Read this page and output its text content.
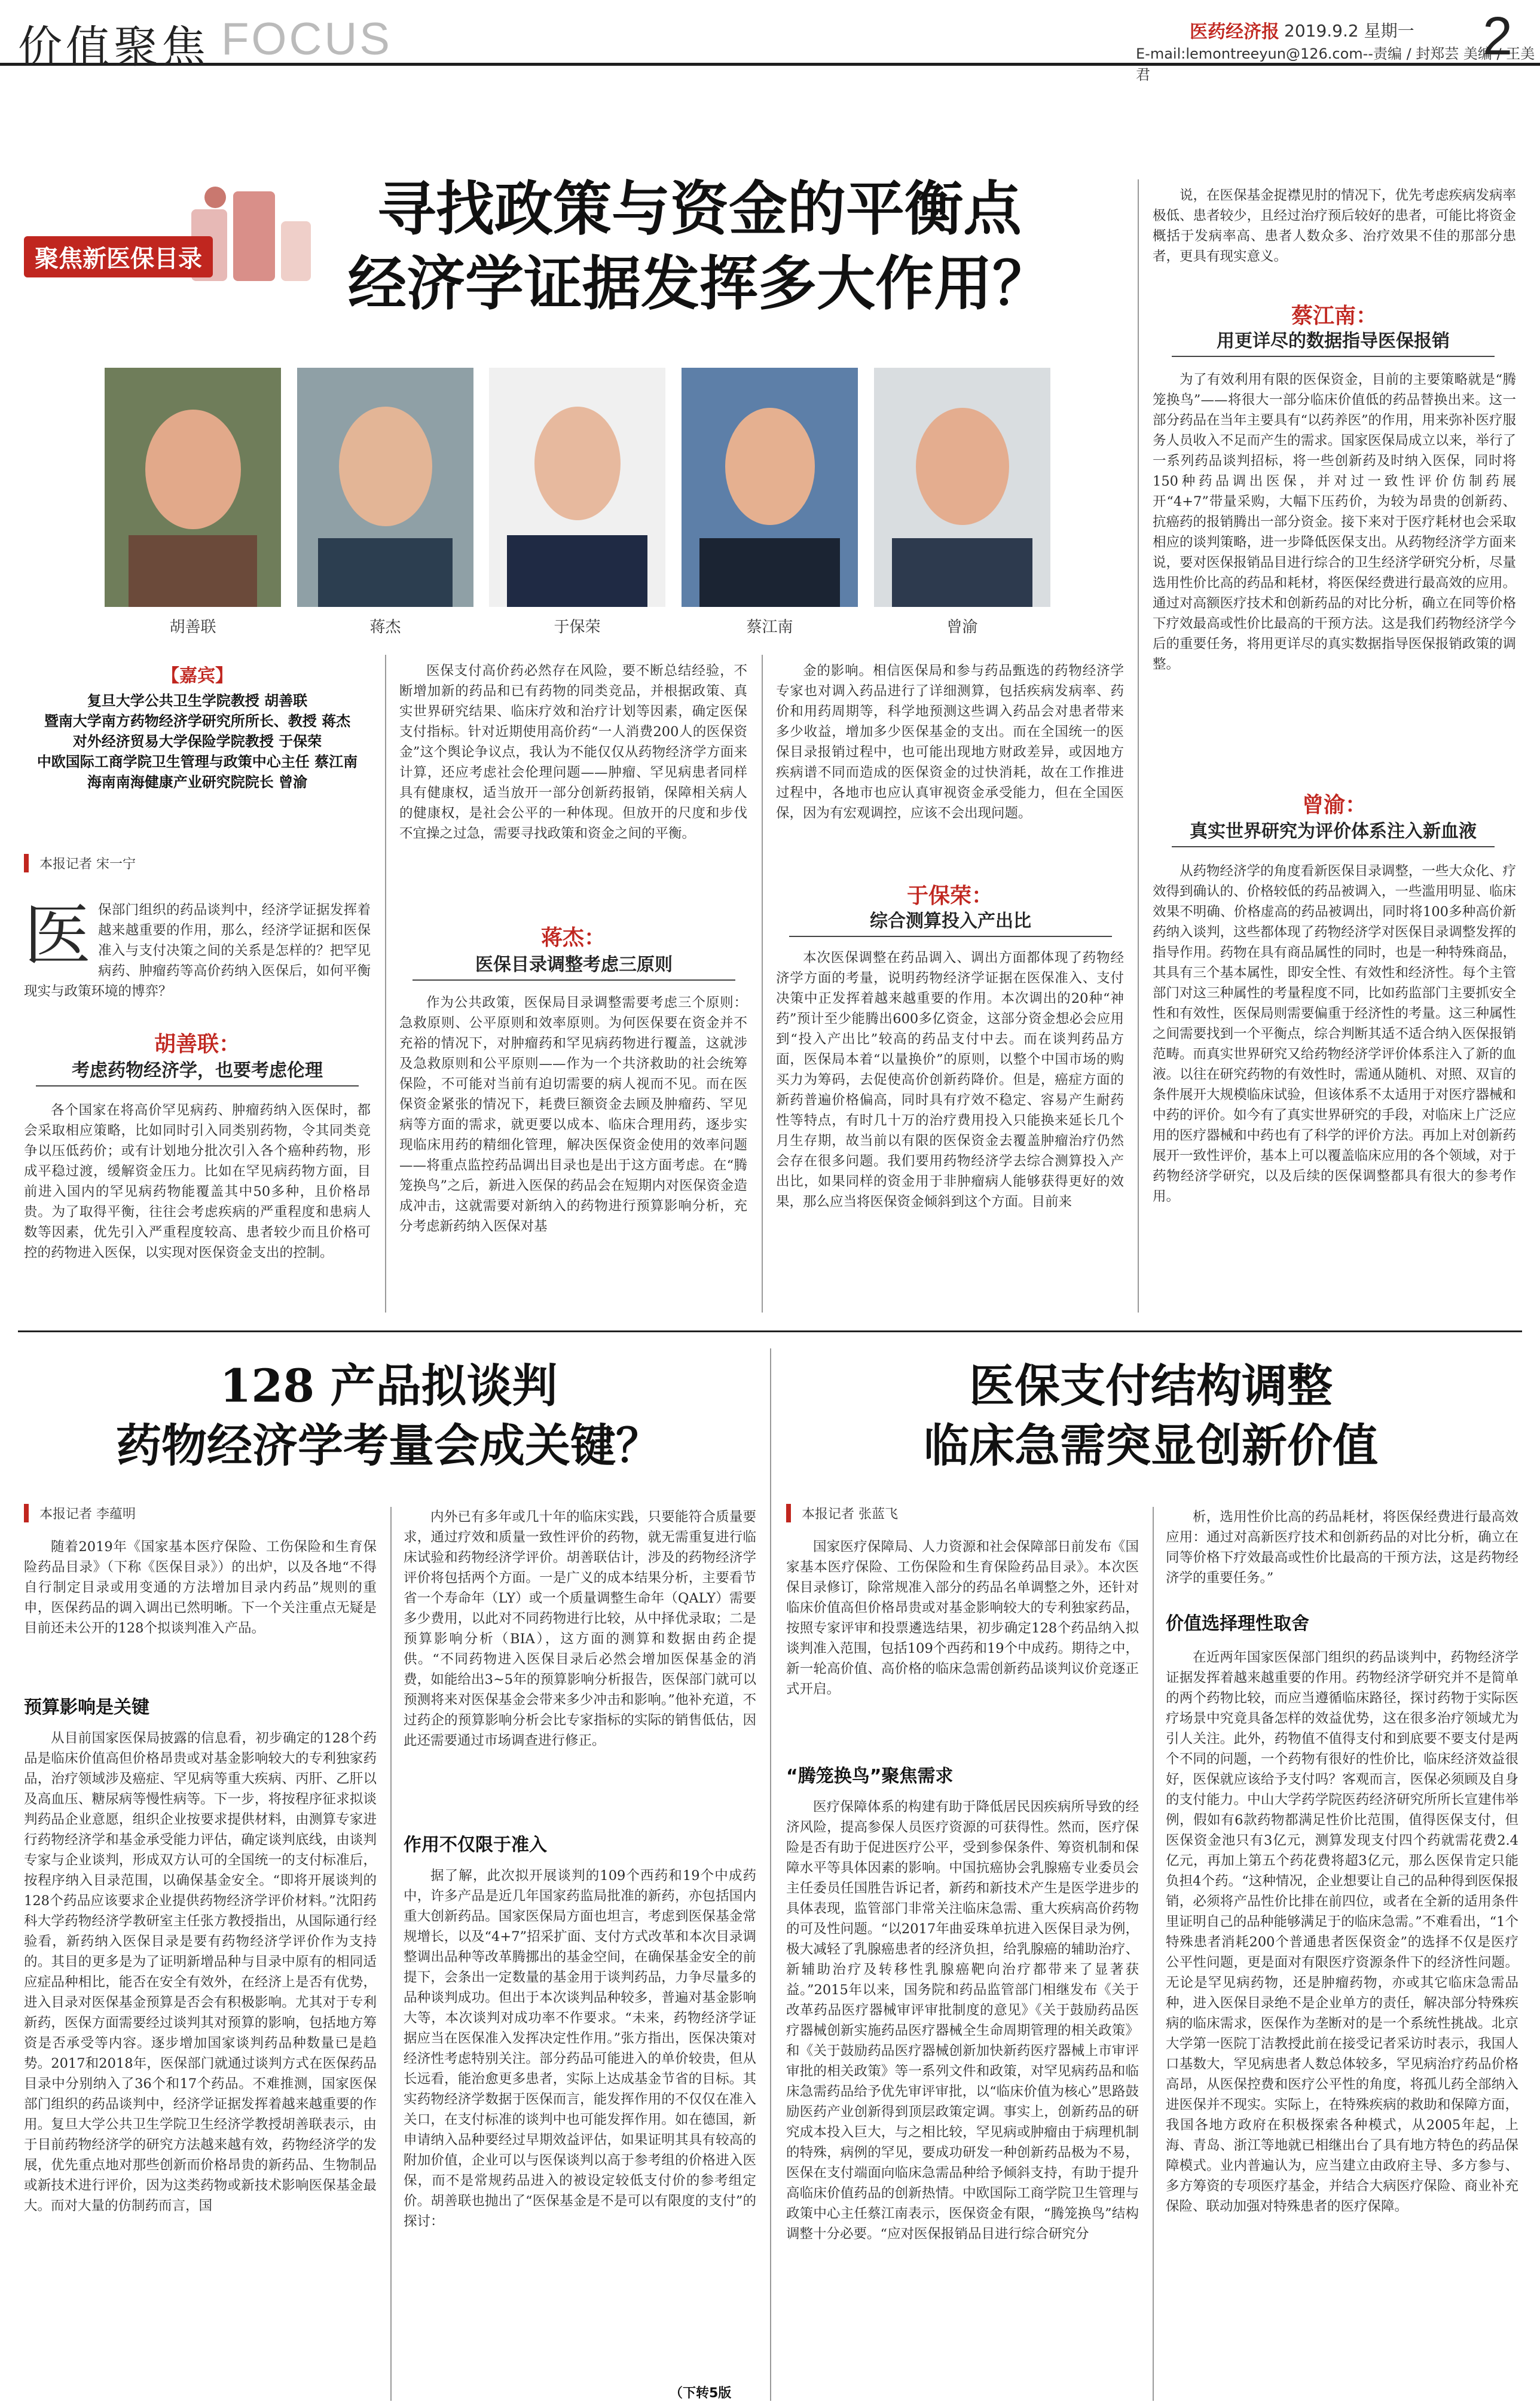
价值聚焦 FOCUS	医药经济报 2019.9.2 星期一
E-mail:lemontreeyun@126.com--责编 / 封郑芸 美编 / 王美君
2
聚焦新医保目录
寻找政策与资金的平衡点
经济学证据发挥多大作用？
胡善联	蒋杰	于保荣	蔡江南	曾渝
【嘉宾】
复旦大学公共卫生学院教授 胡善联
暨南大学南方药物经济学研究所所长、教授 蒋杰
对外经济贸易大学保险学院教授 于保荣
中欧国际工商学院卫生管理与政策中心主任 蔡江南
海南南海健康产业研究院院长 曾渝
本报记者 宋一宁
医 保部门组织的药品谈判中，经济学证据发挥着越来越重要的作用，那么，经济学证据和医保准入与支付决策之间的关系是怎样的？把罕见病药、肿瘤药等高价药纳入医保后，如何平衡现实与政策环境的博弈？
胡善联：
考虑药物经济学，也要考虑伦理

各个国家在将高价罕见病药、肿瘤药纳入医保时，都会采取相应策略，比如同时引入同类别药物，令其同类竞争以压低药价；或有计划地分批次引入各个癌种药物，形成平稳过渡，缓解资金压力。比如在罕见病药物方面，目前进入国内的罕见病药物能覆盖其中50多种，且价格昂贵。为了取得平衡，往往会考虑疾病的严重程度和患病人数等因素，优先引入严重程度较高、患者较少而且价格可控的药物进入医保，以实现对医保资金支出的控制。

医保支付高价药必然存在风险，要不断总结经验，不断增加新的药品和已有药物的同类竞品，并根据政策、真实世界研究结果、临床疗效和治疗计划等因素，确定医保支付指标。针对近期使用高价药“一人消费200人的医保资金”这个舆论争议点，我认为不能仅仅从药物经济学方面来计算，还应考虑社会伦理问题——肿瘤、罕见病患者同样具有健康权，适当放开一部分创新药报销，保障相关病人的健康权，是社会公平的一种体现。但放开的尺度和步伐不宜操之过急，需要寻找政策和资金之间的平衡。

蒋杰：
医保目录调整考虑三原则

作为公共政策，医保局目录调整需要考虑三个原则：急救原则、公平原则和效率原则。为何医保要在资金并不充裕的情况下，对肿瘤药和罕见病药物进行覆盖，这就涉及急救原则和公平原则——作为一个共济救助的社会统筹保险，不可能对当前有迫切需要的病人视而不见。而在医保资金紧张的情况下，耗费巨额资金去顾及肿瘤药、罕见病等方面的需求，就更要以成本、临床合理用药，逐步实现临床用药的精细化管理，解决医保资金使用的效率问题——将重点监控药品调出目录也是出于这方面考虑。在“腾笼换鸟”之后，新进入医保的药品会在短期内对医保资金造成冲击，这就需要对新纳入的药物进行预算影响分析，充分考虑新药纳入医保对基

金的影响。相信医保局和参与药品甄选的药物经济学专家也对调入药品进行了详细测算，包括疾病发病率、药价和用药周期等，科学地预测这些调入药品会对患者带来多少收益，增加多少医保基金的支出。而在全国统一的医保目录报销过程中，也可能出现地方财政差异，或因地方疾病谱不同而造成的医保资金的过快消耗，故在工作推进过程中，各地市也应认真审视资金承受能力，但在全国医保，因为有宏观调控，应该不会出现问题。

于保荣：
综合测算投入产出比

本次医保调整在药品调入、调出方面都体现了药物经济学方面的考量，说明药物经济学证据在医保准入、支付决策中正发挥着越来越重要的作用。本次调出的20种“神药”预计至少能腾出600多亿资金，这部分资金想必会应用到“投入产出比”较高的药品支付中去。而在谈判药品方面，医保局本着“以量换价”的原则，以整个中国市场的购买力为筹码，去促使高价创新药降价。但是，癌症方面的新药普遍价格偏高，同时具有疗效不稳定、容易产生耐药性等特点，有时几十万的治疗费用投入只能换来延长几个月生存期，故当前以有限的医保资金去覆盖肿瘤治疗仍然会存在很多问题。我们要用药物经济学去综合测算投入产出比，如果同样的资金用于非肿瘤病人能够获得更好的效果，那么应当将医保资金倾斜到这个方面。目前来

说，在医保基金捉襟见肘的情况下，优先考虑疾病发病率极低、患者较少，且经过治疗预后较好的患者，可能比将资金概括于发病率高、患者人数众多、治疗效果不佳的那部分患者，更具有现实意义。

蔡江南：
用更详尽的数据指导医保报销

为了有效利用有限的医保资金，目前的主要策略就是“腾笼换鸟”——将很大一部分临床价值低的药品替换出来。这一部分药品在当年主要具有“以药养医”的作用，用来弥补医疗服务人员收入不足而产生的需求。国家医保局成立以来，举行了一系列药品谈判招标，将一些创新药及时纳入医保，同时将150种药品调出医保，并对过一致性评价仿制药展开“4+7”带量采购，大幅下压药价，为较为昂贵的创新药、抗癌药的报销腾出一部分资金。接下来对于医疗耗材也会采取相应的谈判策略，进一步降低医保支出。从药物经济学方面来说，要对医保报销品目进行综合的卫生经济学研究分析，尽量选用性价比高的药品和耗材，将医保经费进行最高效的应用。通过对高额医疗技术和创新药品的对比分析，确立在同等价格下疗效最高或性价比最高的干预方法。这是我们药物经济学今后的重要任务，将用更详尽的真实数据指导医保报销政策的调整。

曾渝：
真实世界研究为评价体系注入新血液

从药物经济学的角度看新医保目录调整，一些大众化、疗效得到确认的、价格较低的药品被调入，一些滥用明显、临床效果不明确、价格虚高的药品被调出，同时将100多种高价新药纳入谈判，这些都体现了药物经济学对医保目录调整发挥的指导作用。药物在具有商品属性的同时，也是一种特殊商品，其具有三个基本属性，即安全性、有效性和经济性。每个主管部门对这三种属性的考量程度不同，比如药监部门主要抓安全性和有效性，医保局则需要偏重于经济性的考量。这三种属性之间需要找到一个平衡点，综合判断其适不适合纳入医保报销范畴。而真实世界研究又给药物经济学评价体系注入了新的血液。以往在研究药物的有效性时，需通从随机、对照、双盲的条件展开大规模临床试验，但该体系不太适用于对医疗器械和中药的评价。如今有了真实世界研究的手段，对临床上广泛应用的医疗器械和中药也有了科学的评价方法。再加上对创新药展开一致性评价，基本上可以覆盖临床应用的各个领域，对于药物经济学研究，以及后续的医保调整都具有很大的参考作用。

128 产品拟谈判
药物经济学考量会成关键？
本报记者 李蕴明

随着2019年《国家基本医疗保险、工伤保险和生育保险药品目录》（下称《医保目录》）的出炉，以及各地“不得自行制定目录或用变通的方法增加目录内药品”规则的重申，医保药品的调入调出已然明晰。下一个关注重点无疑是目前还未公开的128个拟谈判准入产品。

预算影响是关键

从目前国家医保局披露的信息看，初步确定的128个药品是临床价值高但价格昂贵或对基金影响较大的专利独家药品，治疗领域涉及癌症、罕见病等重大疾病、丙肝、乙肝以及高血压、糖尿病等慢性病等。下一步，将按程序征求拟谈判药品企业意愿，组织企业按要求提供材料，由测算专家进行药物经济学和基金承受能力评估，确定谈判底线，由谈判专家与企业谈判，形成双方认可的全国统一的支付标准后，按程序纳入目录范围，以确保基金安全。“即将开展谈判的128个药品应该要求企业提供药物经济学评价材料。”沈阳药科大学药物经济学教研室主任张方教授指出，从国际通行经验看，新药纳入医保目录是要有药物经济学评价作为支持的。其目的更多是为了证明新增品种与目录中原有的相同适应症品种相比，能否在安全有效外，在经济上是否有优势，进入目录对医保基金预算是否会有积极影响。尤其对于专利新药，医保方面需要经过谈判其对预算的影响，包括地方筹资是否承受等内容。逐步增加国家谈判药品种数量已是趋势。2017和2018年，医保部门就通过谈判方式在医保药品目录中分别纳入了36个和17个药品。不难推测，国家医保部门组织的药品谈判中，经济学证据发挥着越来越重要的作用。复旦大学公共卫生学院卫生经济学教授胡善联表示，由于目前药物经济学的研究方法越来越有效，药物经济学的发展，优先重点地对那些创新而价格昂贵的新药品、生物制品或新技术进行评价，因为这类药物或新技术影响医保基金最大。而对大量的仿制药而言，国

内外已有多年或几十年的临床实践，只要能符合质量要求，通过疗效和质量一致性评价的药物，就无需重复进行临床试验和药物经济学评价。胡善联估计，涉及的药物经济学评价将包括两个方面。一是广义的成本结果分析，主要看节省一个寿命年（LY）或一个质量调整生命年（QALY）需要多少费用，以此对不同药物进行比较，从中择优录取；二是预算影响分析（BIA），这方面的测算和数据由药企提供。“不同药物进入医保目录后必然会增加医保基金的消费，如能给出3~5年的预算影响分析报告，医保部门就可以预测将来对医保基金会带来多少冲击和影响。”他补充道，不过药企的预算影响分析会比专家指标的实际的销售低估，因此还需要通过市场调查进行修正。

作用不仅限于准入

据了解，此次拟开展谈判的109个西药和19个中成药中，许多产品是近几年国家药监局批准的新药，亦包括国内重大创新药品。国家医保局方面也坦言，考虑到医保基金常规增长，以及“4+7”招采扩面、支付方式改革和本次目录调整调出品种等改革腾挪出的基金空间，在确保基金安全的前提下，会条出一定数量的基金用于谈判药品，力争尽量多的品种谈判成功。但出于本次谈判品种较多，普遍对基金影响大等，本次谈判对成功率不作要求。“未来，药物经济学证据应当在医保准入发挥决定性作用。”张方指出，医保决策对经济性考虑特别关注。部分药品可能进入的单价较贵，但从长远看，能治愈更多患者，实际上达成基金节省的目标。其实药物经济学数据于医保而言，能发挥作用的不仅仅在准入关口，在支付标准的谈判中也可能发挥作用。如在德国，新申请纳入品种要经过早期效益评估，如果证明其具有较高的附加价值，企业可以与医保谈判以高于参考组的价格进入医保，而不是常规药品进入的被设定较低支付价的参考组定价。胡善联也抛出了“医保基金是不是可以有限度的支付”的探讨：

（下转5版
医保支付结构调整
临床急需突显创新价值
本报记者 张蓝飞

国家医疗保障局、人力资源和社会保障部日前发布《国家基本医疗保险、工伤保险和生育保险药品目录》。本次医保目录修订，除常规准入部分的药品名单调整之外，还针对临床价值高但价格昂贵或对基金影响较大的专利独家药品，按照专家评审和投票遴选结果，初步确定128个药品纳入拟谈判准入范围，包括109个西药和19个中成药。期待之中，新一轮高价值、高价格的临床急需创新药品谈判议价竞逐正式开启。

“腾笼换鸟”聚焦需求

医疗保障体系的构建有助于降低居民因疾病所导致的经济风险，提高参保人员医疗资源的可获得性。然而，医疗保险是否有助于促进医疗公平，受到参保条件、筹资机制和保障水平等具体因素的影响。中国抗癌协会乳腺癌专业委员会主任委员任国胜告诉记者，新药和新技术产生是医学进步的具体表现，监管部门非常关注临床急需、重大疾病高价药物的可及性问题。“以2017年曲妥珠单抗进入医保目录为例，极大减轻了乳腺癌患者的经济负担，给乳腺癌的辅助治疗、新辅助治疗及转移性乳腺癌靶向治疗都带来了显著获益。”2015年以来，国务院和药品监管部门相继发布《关于改革药品医疗器械审评审批制度的意见》《关于鼓励药品医疗器械创新实施药品医疗器械全生命周期管理的相关政策》和《关于鼓励药品医疗器械创新加快新药医疗器械上市审评审批的相关政策》等一系列文件和政策，对罕见病药品和临床急需药品给予优先审评审批，以“临床价值为核心”思路鼓励医药产业创新得到顶层政策定调。事实上，创新药品的研究成本投入巨大，与之相比较，罕见病或肿瘤由于病理机制的特殊，病例的罕见，要成功研发一种创新药品极为不易，医保在支付端面向临床急需品种给予倾斜支持，有助于提升高临床价值药品的创新热情。中欧国际工商学院卫生管理与政策中心主任蔡江南表示，医保资金有限，“腾笼换鸟”结构调整十分必要。“应对医保报销品目进行综合研究分

析，选用性价比高的药品耗材，将医保经费进行最高效应用：通过对高新医疗技术和创新药品的对比分析，确立在同等价格下疗效最高或性价比最高的干预方法，这是药物经济学的重要任务。”

价值选择理性取舍

在近两年国家医保部门组织的药品谈判中，药物经济学证据发挥着越来越重要的作用。药物经济学研究并不是简单的两个药物比较，而应当遵循临床路径，探讨药物于实际医疗场景中究竟具备怎样的效益优势，这在很多治疗领域尤为引人关注。此外，药物值不值得支付和到底要不要支付是两个不同的问题，一个药物有很好的性价比，临床经济效益很好，医保就应该给予支付吗？客观而言，医保必须顾及自身的支付能力。中山大学药学院医药经济研究所所长宣建伟举例，假如有6款药物都满足性价比范围，值得医保支付，但医保资金池只有3亿元，测算发现支付四个药就需花费2.4亿元，再加上第五个药花费将超3亿元，那么医保肯定只能负担4个药。“这种情况，企业想要让自己的品种得到医保报销，必须将产品性价比排在前四位，或者在全新的适用条件里证明自己的品种能够满足于的临床急需。”不难看出，“1个特殊患者消耗200个普通患者医保资金”的选择不仅是医疗公平性问题，更是面对有限医疗资源条件下的经济性问题。无论是罕见病药物，还是肿瘤药物，亦或其它临床急需品种，进入医保目录绝不是企业单方的责任，解决部分特殊疾病的临床需求，医保作为垄断对的是一个系统性挑战。北京大学第一医院丁洁教授此前在接受记者采访时表示，我国人口基数大，罕见病患者人数总体较多，罕见病治疗药品价格高昂，从医保控费和医疗公平性的角度，将孤儿药全部纳入进医保并不现实。实际上，在特殊疾病的救助和保障方面，我国各地方政府在积极探索各种模式，从2005年起，上海、青岛、浙江等地就已相继出台了具有地方特色的药品保障模式。业内普遍认为，应当建立由政府主导、多方参与、多方筹资的专项医疗基金，并结合大病医疗保险、商业补充保险、联动加强对特殊患者的医疗保障。
